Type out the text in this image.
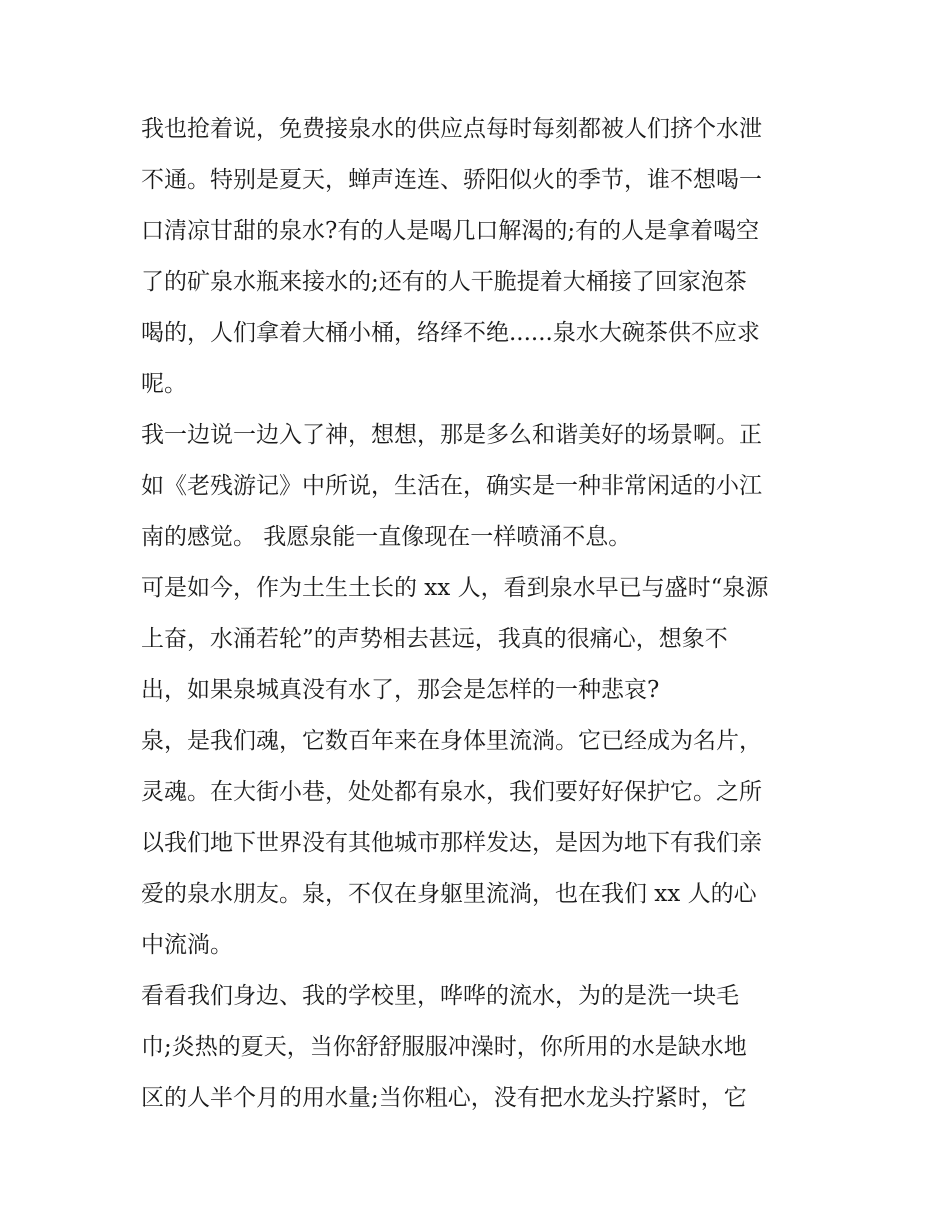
我也抢着说，免费接泉水的供应点每时每刻都被人们挤个水泄
不通。特别是夏天，蝉声连连、骄阳似火的季节，谁不想喝一
口清凉甘甜的泉水?有的人是喝几口解渴的;有的人是拿着喝空
了的矿泉水瓶来接水的;还有的人干脆提着大桶接了回家泡茶
喝的，人们拿着大桶小桶，络绎不绝......泉水大碗茶供不应求
呢。
我一边说一边入了神，想想，那是多么和谐美好的场景啊。正
如《老残游记》中所说，生活在，确实是一种非常闲适的小江
南的感觉。 我愿泉能一直像现在一样喷涌不息。
可是如今，作为土生土长的 xx 人，看到泉水早已与盛时“泉源
上奋，水涌若轮”的声势相去甚远，我真的很痛心，想象不
出，如果泉城真没有水了，那会是怎样的一种悲哀?
泉，是我们魂，它数百年来在身体里流淌。它已经成为名片，
灵魂。在大街小巷，处处都有泉水，我们要好好保护它。之所
以我们地下世界没有其他城市那样发达，是因为地下有我们亲
爱的泉水朋友。泉，不仅在身躯里流淌，也在我们 xx 人的心
中流淌。
看看我们身边、我的学校里，哗哗的流水，为的是洗一块毛
巾;炎热的夏天，当你舒舒服服冲澡时，你所用的水是缺水地
区的人半个月的用水量;当你粗心，没有把水龙头拧紧时，它
